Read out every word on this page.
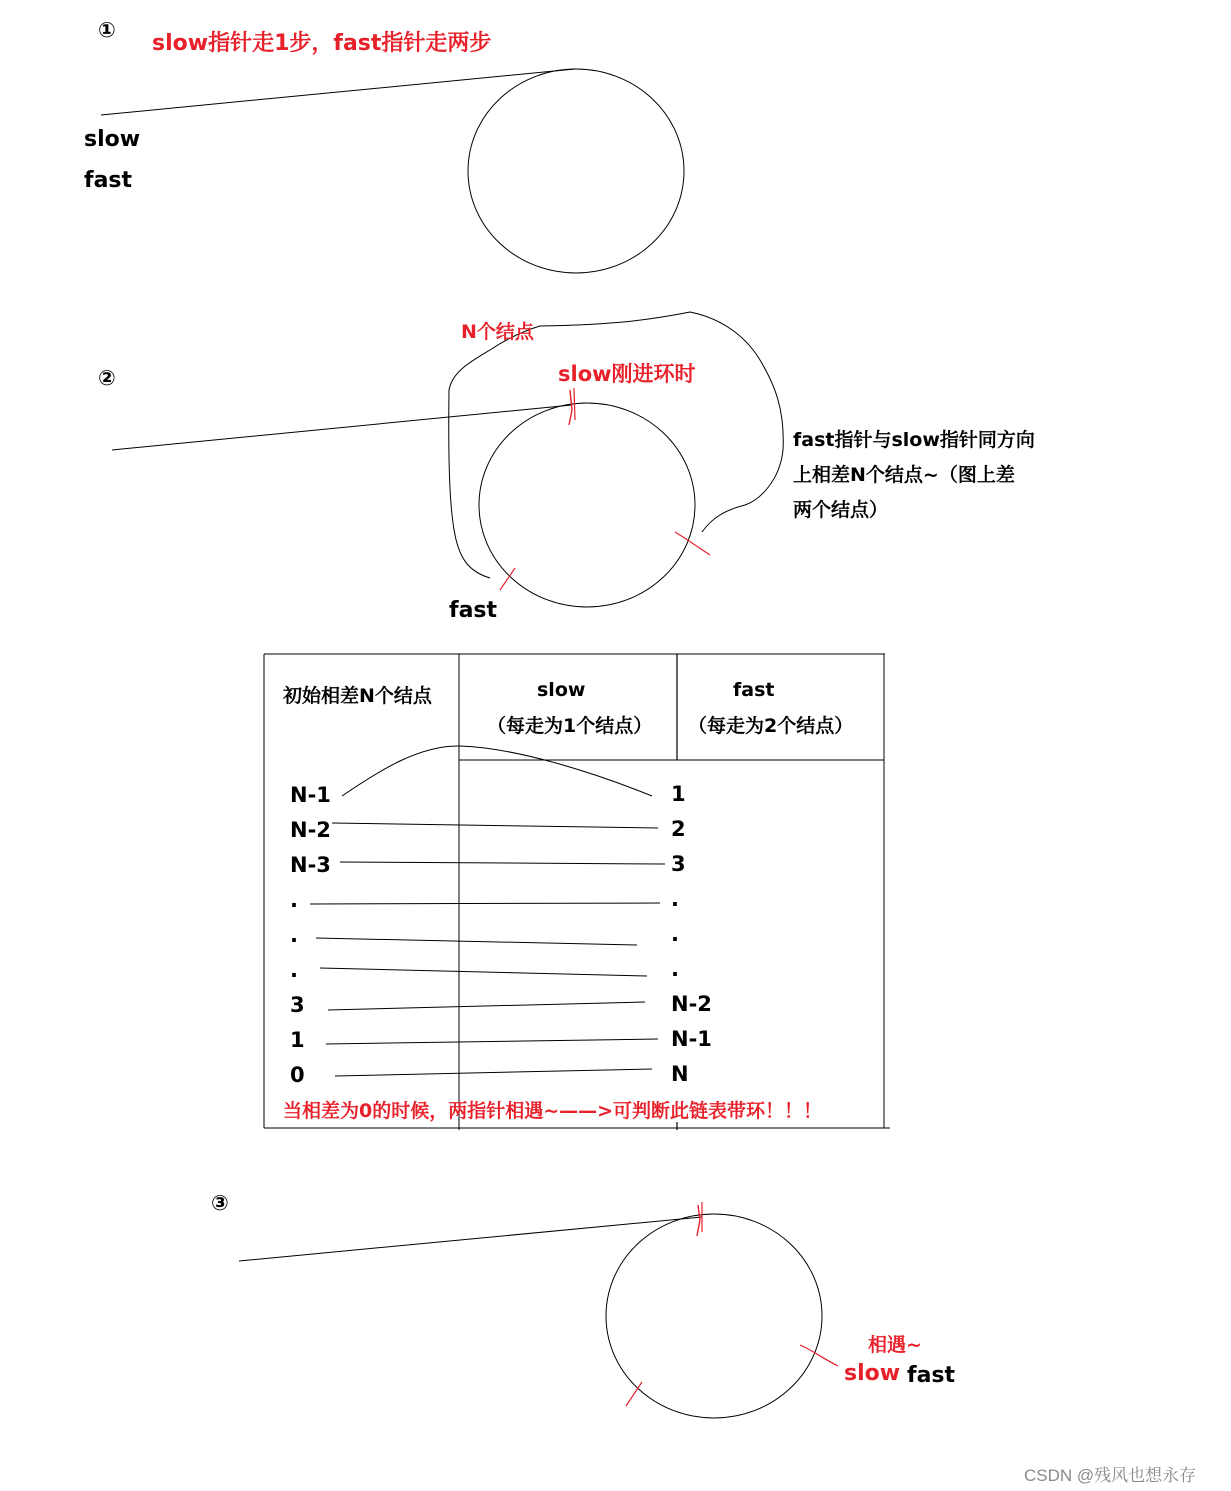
①
slow指针走1步，fast指针走两步
slow
fast
②
N个结点
slow刚进环时
fast指针与slow指针同方向
上相差N个结点~（图上差
两个结点）
fast
初始相差N个结点	slow
（每走为1个结点）
fast
（每走为2个结点）
N-1
N-2
N-3
.
.
.
3
1
0
1
2
3
.
.
.
N-2
N-1
N
当相差为0的时候，两指针相遇~——>可判断此链表带环！！！
③
相遇~
slow fast
CSDN @残风也想永存
